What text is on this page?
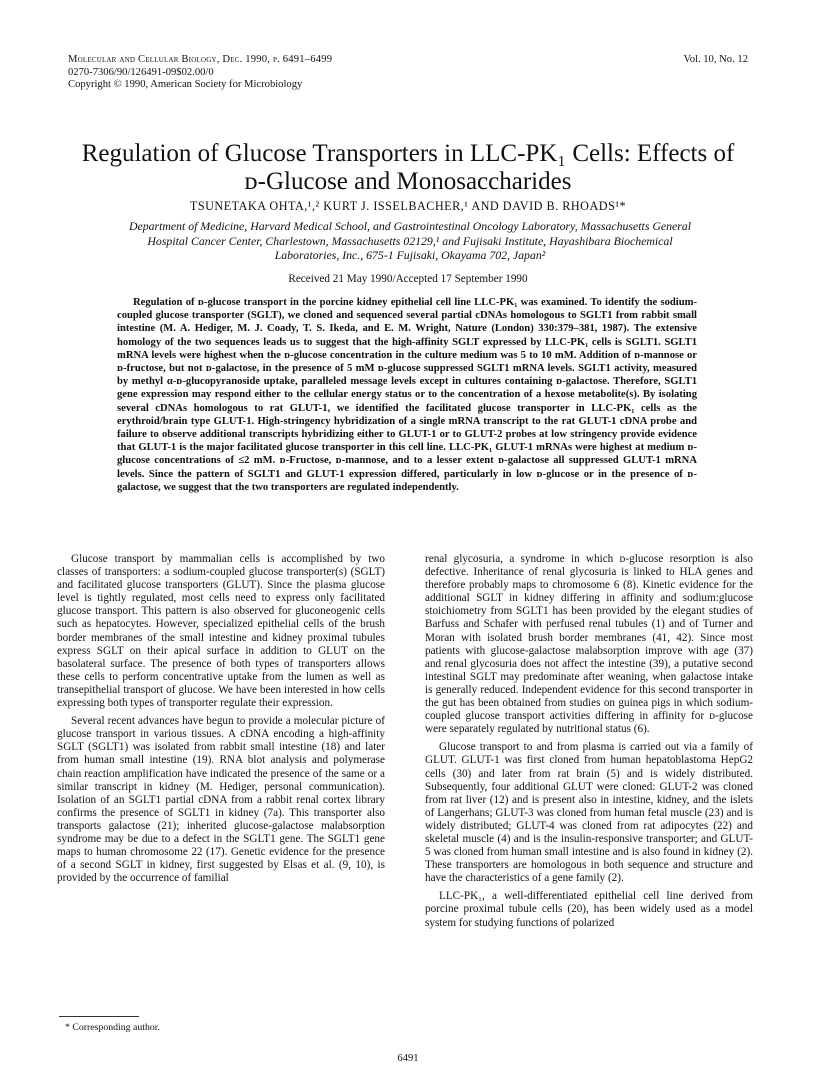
Molecular and Cellular Biology, Dec. 1990, p. 6491–6499
0270-7306/90/126491-09$02.00/0
Copyright © 1990, American Society for Microbiology
Vol. 10, No. 12
Regulation of Glucose Transporters in LLC-PK₁ Cells: Effects of ᴅ-Glucose and Monosaccharides
TSUNETAKA OHTA,¹,² KURT J. ISSELBACHER,¹ AND DAVID B. RHOADS¹*
Department of Medicine, Harvard Medical School, and Gastrointestinal Oncology Laboratory, Massachusetts General Hospital Cancer Center, Charlestown, Massachusetts 02129,¹ and Fujisaki Institute, Hayashibara Biochemical Laboratories, Inc., 675-1 Fujisaki, Okayama 702, Japan²
Received 21 May 1990/Accepted 17 September 1990

Regulation of ᴅ-glucose transport in the porcine kidney epithelial cell line LLC-PK₁ was examined. To identify the sodium-coupled glucose transporter (SGLT), we cloned and sequenced several partial cDNAs homologous to SGLT1 from rabbit small intestine (M. A. Hediger, M. J. Coady, T. S. Ikeda, and E. M. Wright, Nature (London) 330:379–381, 1987). The extensive homology of the two sequences leads us to suggest that the high-affinity SGLT expressed by LLC-PK₁ cells is SGLT1. SGLT1 mRNA levels were highest when the ᴅ-glucose concentration in the culture medium was 5 to 10 mM. Addition of ᴅ-mannose or ᴅ-fructose, but not ᴅ-galactose, in the presence of 5 mM ᴅ-glucose suppressed SGLT1 mRNA levels. SGLT1 activity, measured by methyl α-ᴅ-glucopyranoside uptake, paralleled message levels except in cultures containing ᴅ-galactose. Therefore, SGLT1 gene expression may respond either to the cellular energy status or to the concentration of a hexose metabolite(s). By isolating several cDNAs homologous to rat GLUT-1, we identified the facilitated glucose transporter in LLC-PK₁ cells as the erythroid/brain type GLUT-1. High-stringency hybridization of a single mRNA transcript to the rat GLUT-1 cDNA probe and failure to observe additional transcripts hybridizing either to GLUT-1 or to GLUT-2 probes at low stringency provide evidence that GLUT-1 is the major facilitated glucose transporter in this cell line. LLC-PK₁ GLUT-1 mRNAs were highest at medium ᴅ-glucose concentrations of ≤2 mM. ᴅ-Fructose, ᴅ-mannose, and to a lesser extent ᴅ-galactose all suppressed GLUT-1 mRNA levels. Since the pattern of SGLT1 and GLUT-1 expression differed, particularly in low ᴅ-glucose or in the presence of ᴅ-galactose, we suggest that the two transporters are regulated independently.

Glucose transport by mammalian cells is accomplished by two classes of transporters: a sodium-coupled glucose transporter(s) (SGLT) and facilitated glucose transporters (GLUT). Since the plasma glucose level is tightly regulated, most cells need to express only facilitated glucose transport. This pattern is also observed for gluconeogenic cells such as hepatocytes. However, specialized epithelial cells of the brush border membranes of the small intestine and kidney proximal tubules express SGLT on their apical surface in addition to GLUT on the basolateral surface. The presence of both types of transporters allows these cells to perform concentrative uptake from the lumen as well as transepithelial transport of glucose. We have been interested in how cells expressing both types of transporter regulate their expression.

Several recent advances have begun to provide a molecular picture of glucose transport in various tissues. A cDNA encoding a high-affinity SGLT (SGLT1) was isolated from rabbit small intestine (18) and later from human small intestine (19). RNA blot analysis and polymerase chain reaction amplification have indicated the presence of the same or a similar transcript in kidney (M. Hediger, personal communication). Isolation of an SGLT1 partial cDNA from a rabbit renal cortex library confirms the presence of SGLT1 in kidney (7a). This transporter also transports galactose (21); inherited glucose-galactose malabsorption syndrome may be due to a defect in the SGLT1 gene. The SGLT1 gene maps to human chromosome 22 (17). Genetic evidence for the presence of a second SGLT in kidney, first suggested by Elsas et al. (9, 10), is provided by the occurrence of familial

renal glycosuria, a syndrome in which ᴅ-glucose resorption is also defective. Inheritance of renal glycosuria is linked to HLA genes and therefore probably maps to chromosome 6 (8). Kinetic evidence for the additional SGLT in kidney differing in affinity and sodium:glucose stoichiometry from SGLT1 has been provided by the elegant studies of Barfuss and Schafer with perfused renal tubules (1) and of Turner and Moran with isolated brush border membranes (41, 42). Since most patients with glucose-galactose malabsorption improve with age (37) and renal glycosuria does not affect the intestine (39), a putative second intestinal SGLT may predominate after weaning, when galactose intake is generally reduced. Independent evidence for this second transporter in the gut has been obtained from studies on guinea pigs in which sodium-coupled glucose transport activities differing in affinity for ᴅ-glucose were separately regulated by nutritional status (6).

Glucose transport to and from plasma is carried out via a family of GLUT. GLUT-1 was first cloned from human hepatoblastoma HepG2 cells (30) and later from rat brain (5) and is widely distributed. Subsequently, four additional GLUT were cloned: GLUT-2 was cloned from rat liver (12) and is present also in intestine, kidney, and the islets of Langerhans; GLUT-3 was cloned from human fetal muscle (23) and is widely distributed; GLUT-4 was cloned from rat adipocytes (22) and skeletal muscle (4) and is the insulin-responsive transporter; and GLUT-5 was cloned from human small intestine and is also found in kidney (2). These transporters are homologous in both sequence and structure and have the characteristics of a gene family (2).

LLC-PK₁, a well-differentiated epithelial cell line derived from porcine proximal tubule cells (20), has been widely used as a model system for studying functions of polarized

* Corresponding author.
6491
